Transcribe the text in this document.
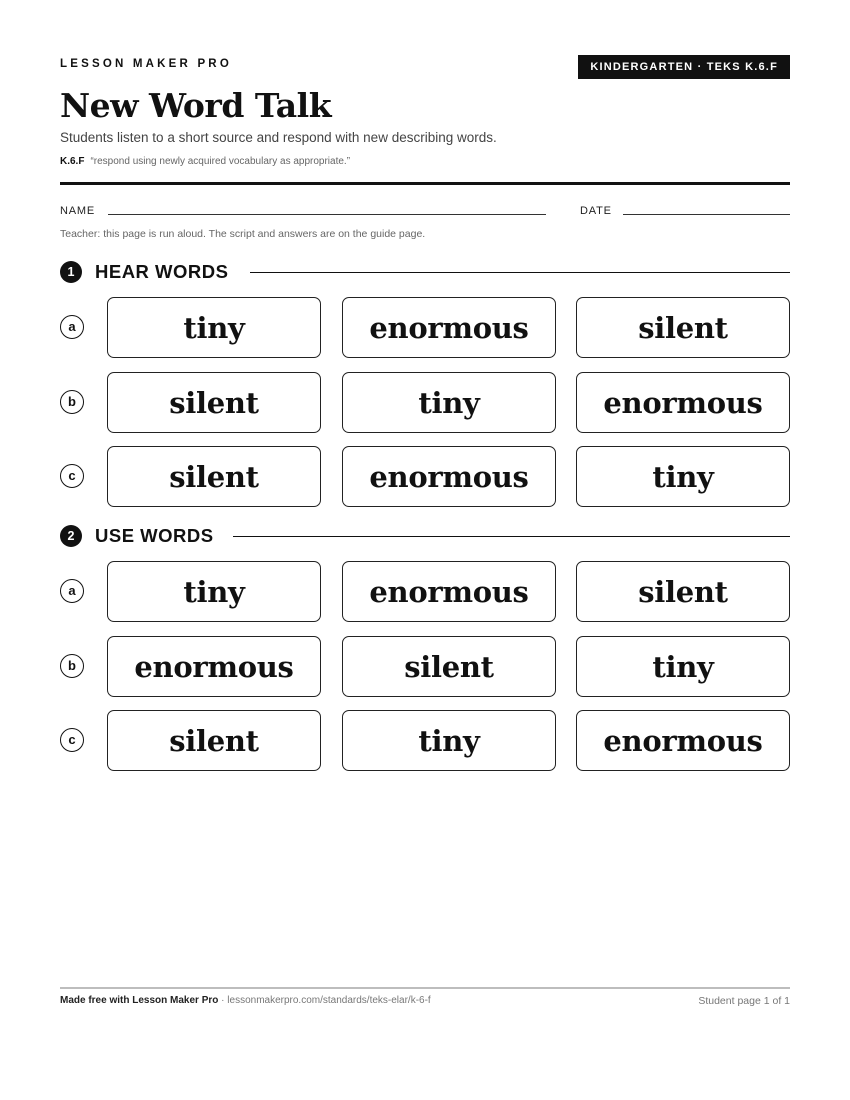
LESSON MAKER PRO	KINDERGARTEN · TEKS K.6.F
New Word Talk
Students listen to a short source and respond with new describing words.
K.6.F “respond using newly acquired vocabulary as appropriate.”
NAME	DATE
Teacher: this page is run aloud. The script and answers are on the guide page.
1	HEAR WORDS
a	tiny	enormous	silent
b	silent	tiny	enormous
c	silent	enormous	tiny
2	USE WORDS
a	tiny	enormous	silent
b enormous	silent	tiny
c	silent	tiny	enormous
Made free with Lesson Maker Pro · lessonmakerpro.com/standards/teks-elar/k-6-f	Student page 1 of 1
